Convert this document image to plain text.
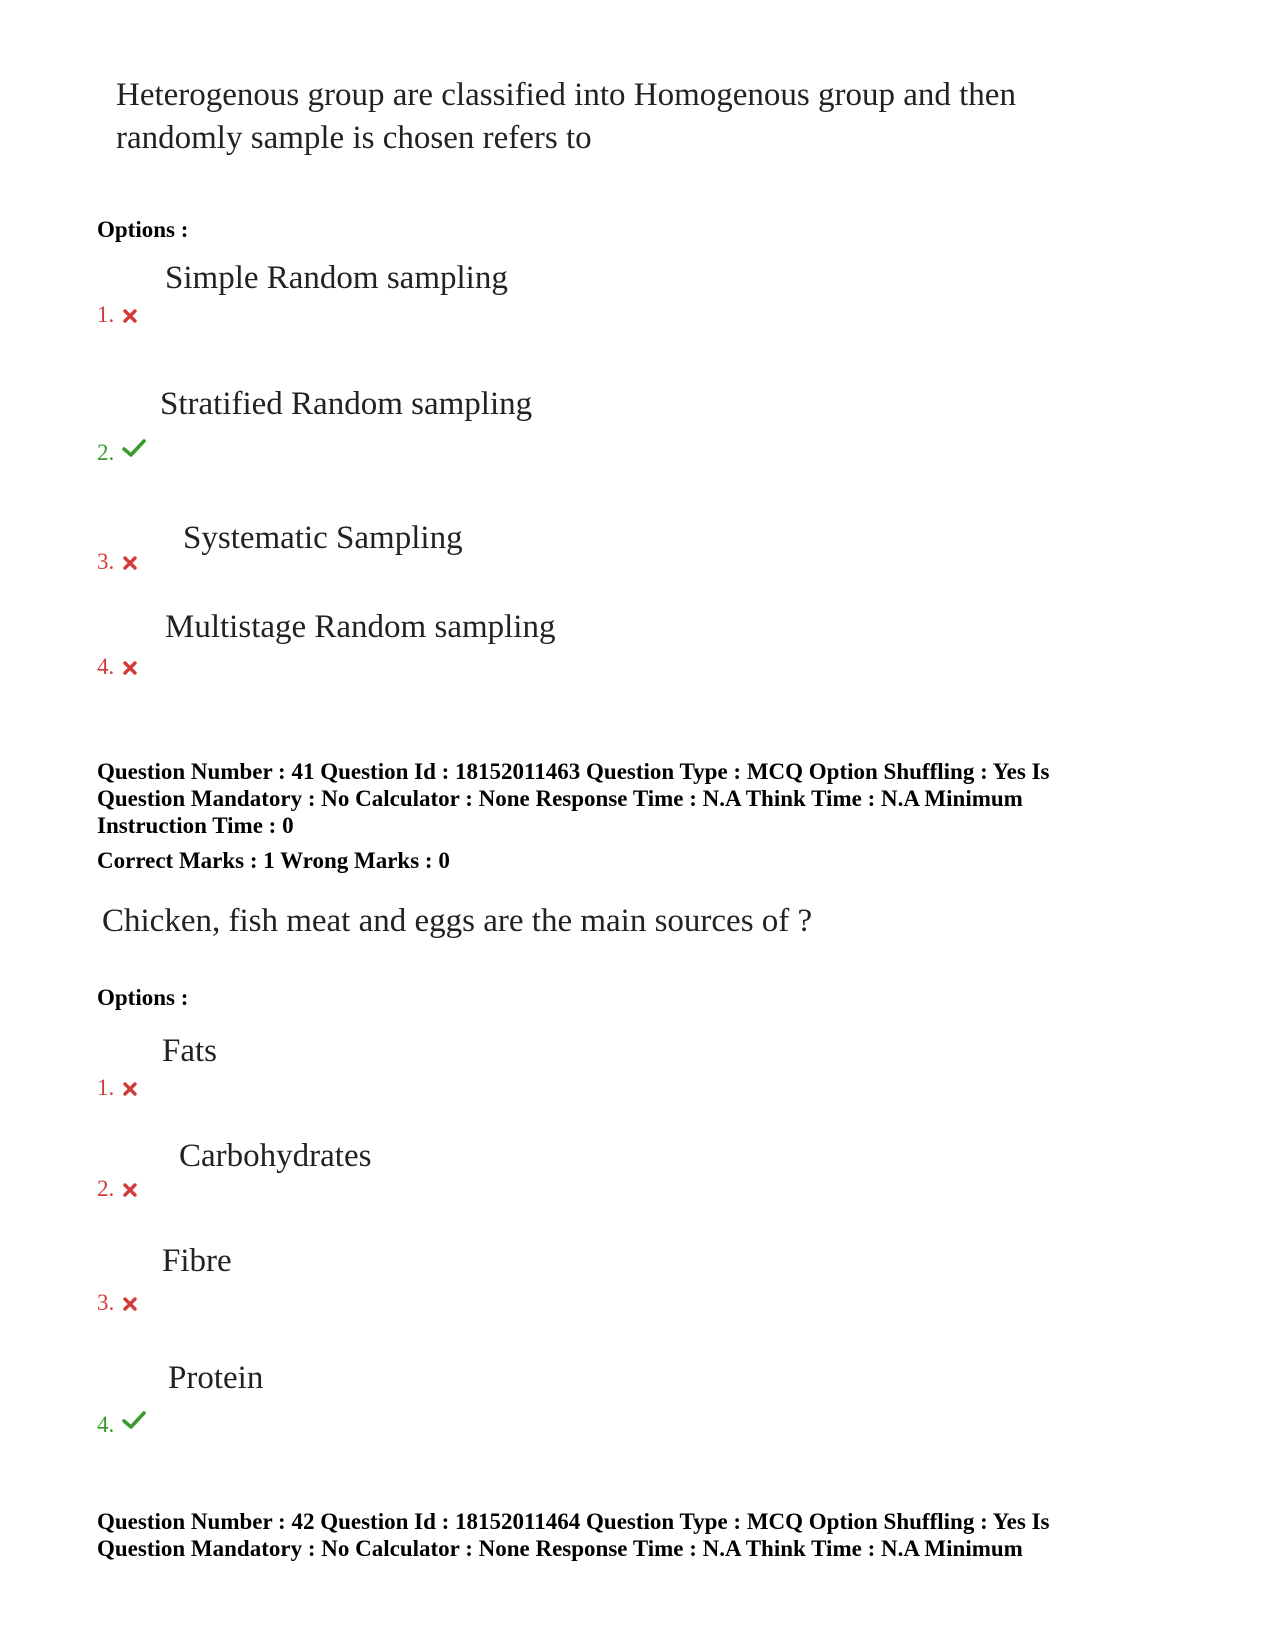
Heterogenous group are classified into Homogenous group and then
randomly sample is chosen refers to
Options :
Simple Random sampling
1.
Stratified Random sampling
2.
Systematic Sampling
3.
Multistage Random sampling
4.
Question Number : 41 Question Id : 18152011463 Question Type : MCQ Option Shuffling : Yes Is
Question Mandatory : No Calculator : None Response Time : N.A Think Time : N.A Minimum
Instruction Time : 0
Correct Marks : 1 Wrong Marks : 0
Chicken, fish meat and eggs are the main sources of ?
Options :
Fats
1.
Carbohydrates
2.
Fibre
3.
Protein
4.
Question Number : 42 Question Id : 18152011464 Question Type : MCQ Option Shuffling : Yes Is
Question Mandatory : No Calculator : None Response Time : N.A Think Time : N.A Minimum
